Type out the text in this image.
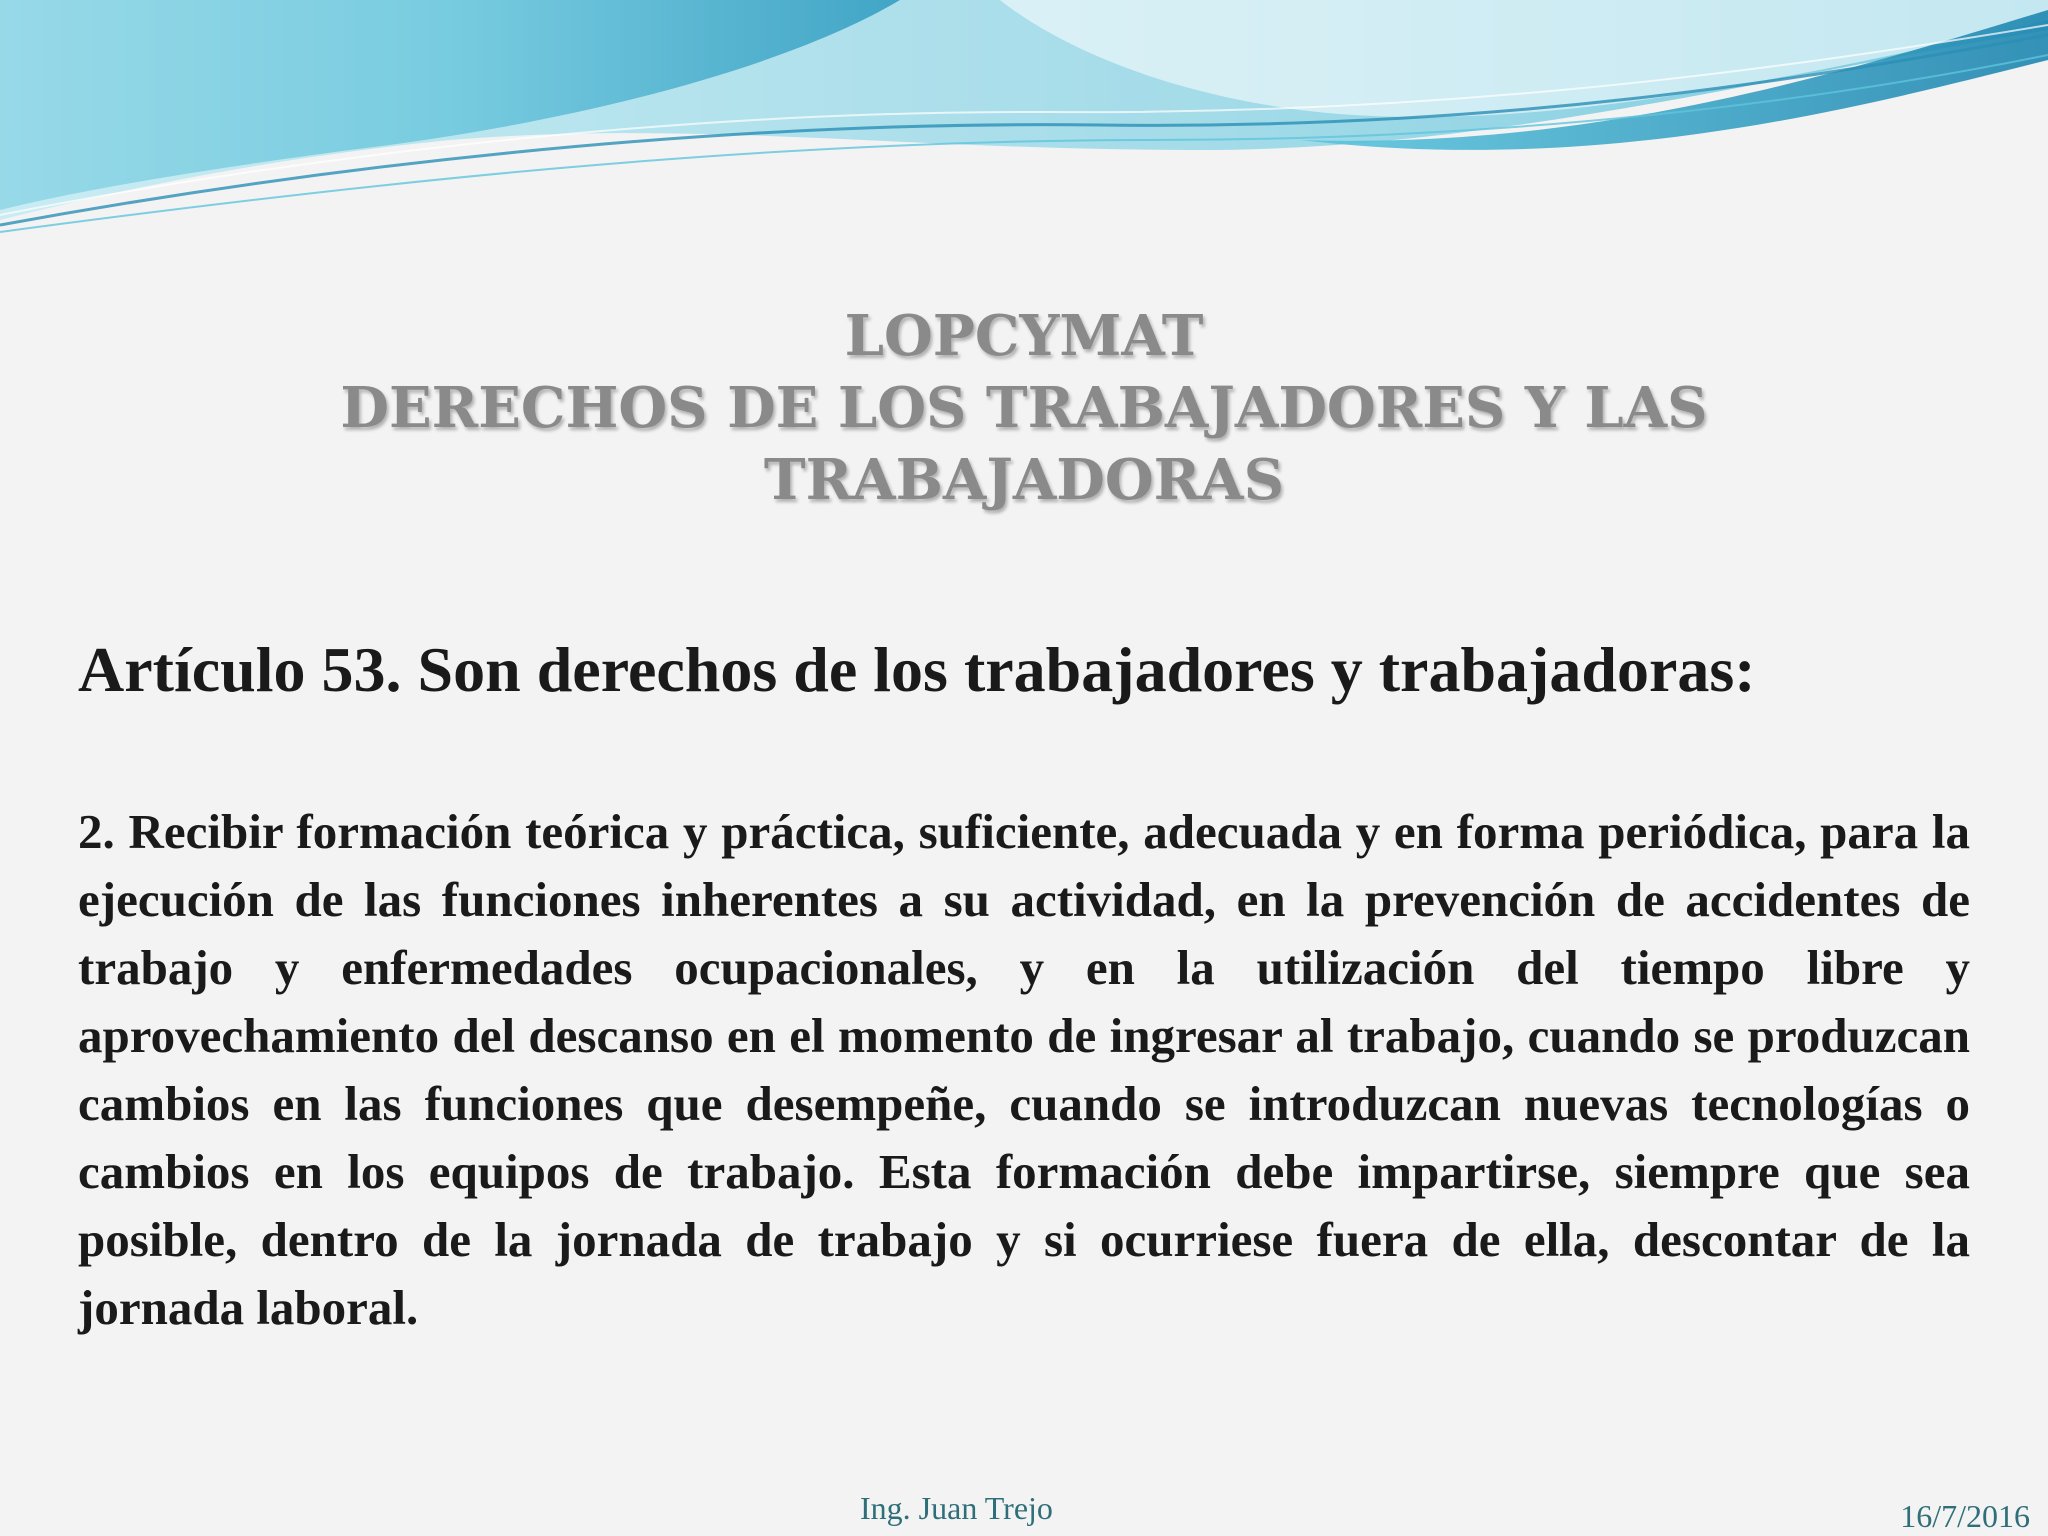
LOPCYMAT
DERECHOS DE LOS TRABAJADORES Y LAS
TRABAJADORAS
Artículo 53. Son derechos de los trabajadores y trabajadoras:
2. Recibir formación teórica y práctica, suficiente, adecuada y en forma periódica, para la ejecución de las funciones inherentes a su actividad, en la prevención de accidentes de trabajo y enfermedades ocupacionales, y en la utilización del tiempo libre y aprovechamiento del descanso en el momento de ingresar al trabajo, cuando se produzcan cambios en las funciones que desempeñe, cuando se introduzcan nuevas tecnologías o cambios en los equipos de trabajo. Esta formación debe impartirse, siempre que sea posible, dentro de la jornada de trabajo y si ocurriese fuera de ella, descontar de la jornada laboral.
Ing. Juan Trejo	16/7/2016
